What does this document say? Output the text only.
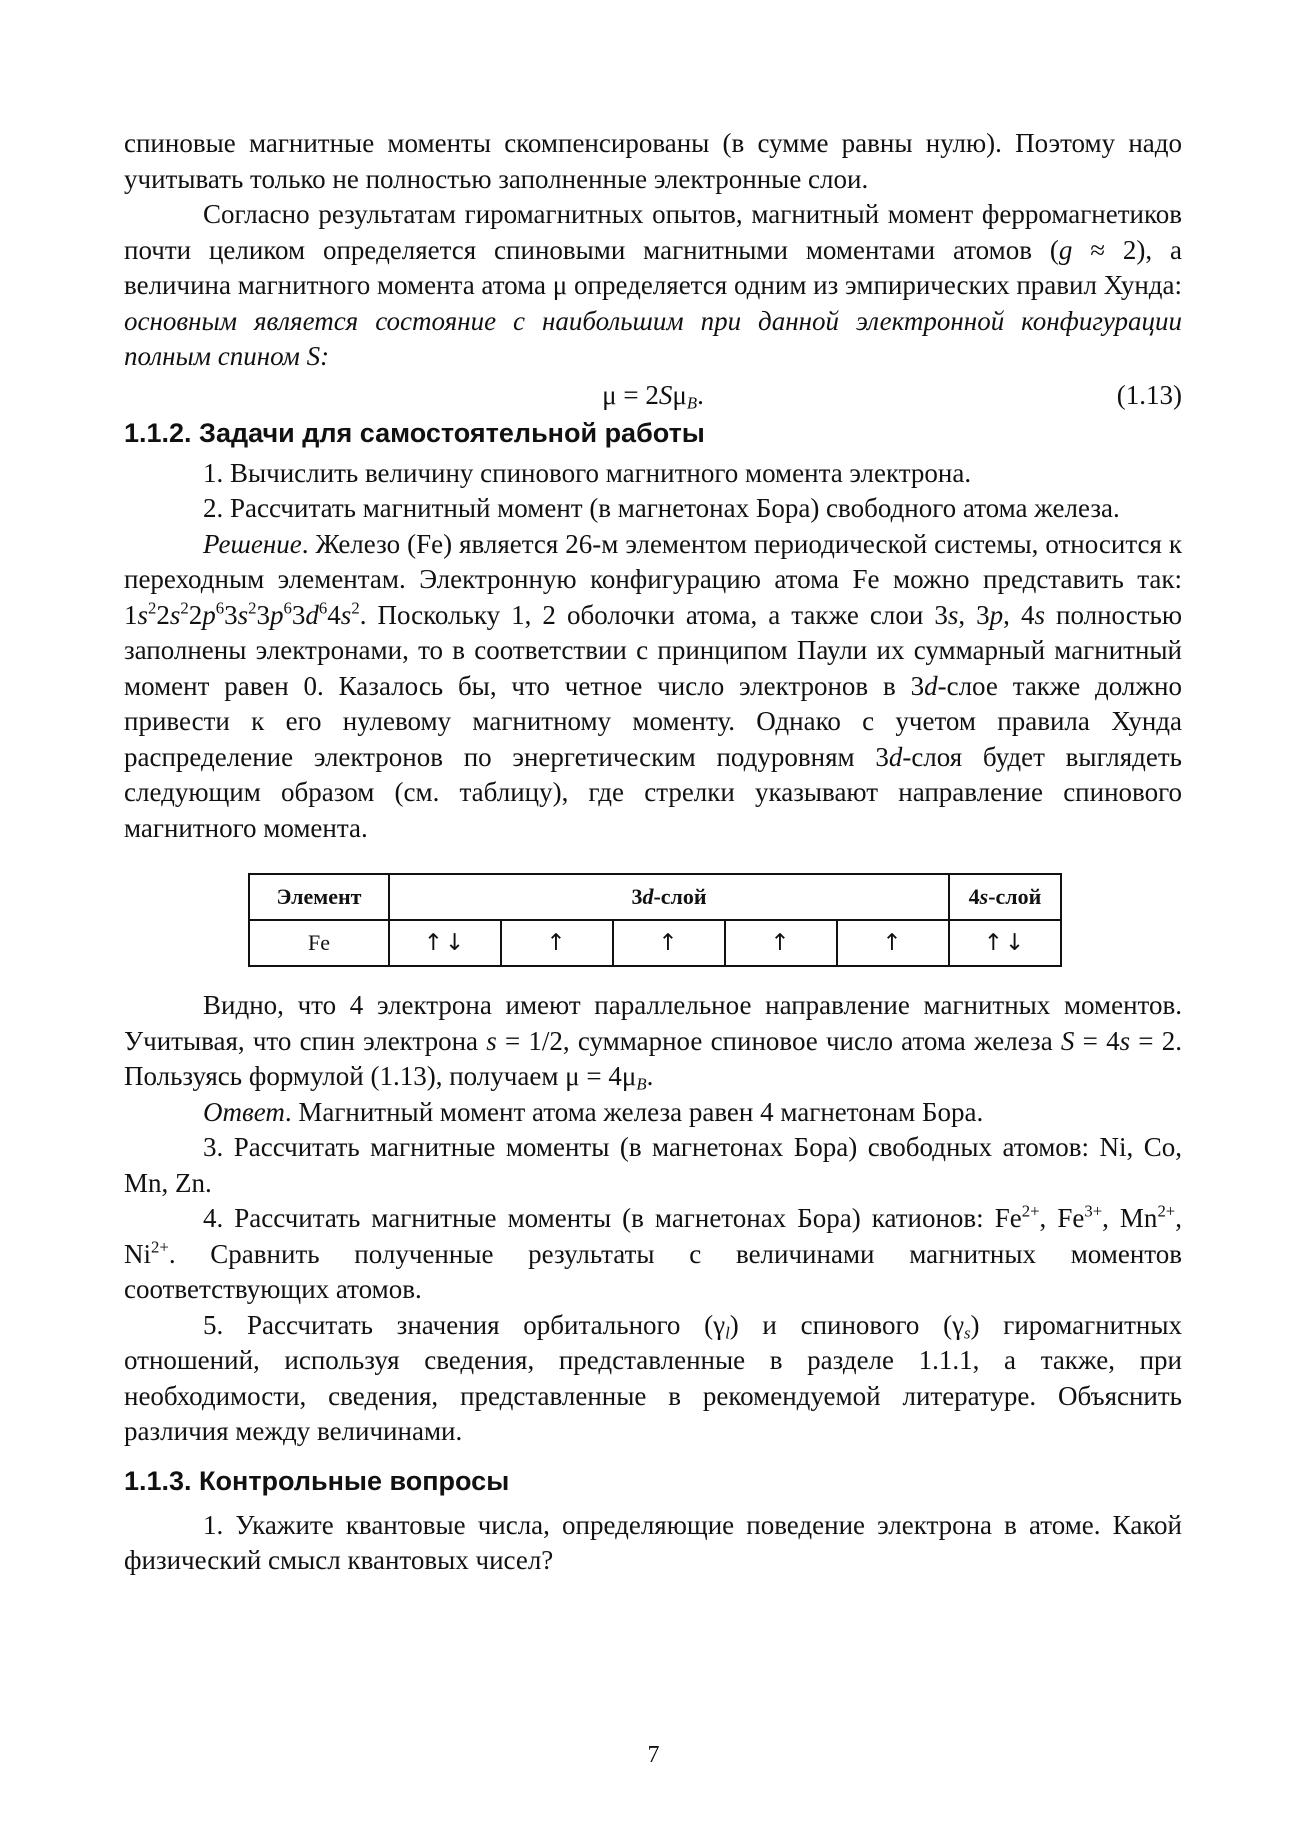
спиновые магнитные моменты скомпенсированы (в сумме равны нулю). Поэтому надо учитывать только не полностью заполненные электронные слои.

Согласно результатам гиромагнитных опытов, магнитный момент ферромагнетиков почти целиком определяется спиновыми магнитными моментами атомов (g ≈ 2), а величина магнитного момента атома μ определяется одним из эмпирических правил Хунда: основным является состояние с наибольшим при данной электронной конфигурации полным спином S:

$\mu = 2S\mu_B$.	(1.13)
1.1.2. Задачи для самостоятельной работы

1. Вычислить величину спинового магнитного момента электрона.

2. Рассчитать магнитный момент (в магнетонах Бора) свободного атома железа.

Решение. Железо (Fe) является 26-м элементом периодической системы, относится к переходным элементам. Электронную конфигурацию атома Fe можно представить так: $1s^22s^22p^63s^23p^63d^64s^2$. Поскольку 1, 2 оболочки атома, а также слои 3s, 3p, 4s полностью заполнены электронами, то в соответствии с принципом Паули их суммарный магнитный момент равен 0. Казалось бы, что четное число электронов в 3d-слое также должно привести к его нулевому магнитному моменту. Однако с учетом правила Хунда распределение электронов по энергетическим подуровням 3d-слоя будет выглядеть следующим образом (см. таблицу), где стрелки указывают направление спинового магнитного момента.

Элемент	3d-слой					4s-слой
Fe	↑↓	↑	↑	↑	↑	↑↓

Видно, что 4 электрона имеют параллельное направление магнитных моментов. Учитывая, что спин электрона s = 1/2, суммарное спиновое число атома железа S = 4s = 2. Пользуясь формулой (1.13), получаем $\mu = 4\mu_B$.

Ответ. Магнитный момент атома железа равен 4 магнетонам Бора.

3. Рассчитать магнитные моменты (в магнетонах Бора) свободных атомов: Ni, Co, Mn, Zn.

4. Рассчитать магнитные моменты (в магнетонах Бора) катионов: $Fe^{2+}$, $Fe^{3+}$, $Mn^{2+}$, $Ni^{2+}$. Сравнить полученные результаты с величинами магнитных моментов соответствующих атомов.

5. Рассчитать значения орбитального $(\gamma_l)$ и спинового $(\gamma_s)$ гиромагнитных отношений, используя сведения, представленные в разделе 1.1.1, а также, при необходимости, сведения, представленные в рекомендуемой литературе. Объяснить различия между величинами.

1.1.3. Контрольные вопросы

1. Укажите квантовые числа, определяющие поведение электрона в атоме. Какой физический смысл квантовых чисел?

7
